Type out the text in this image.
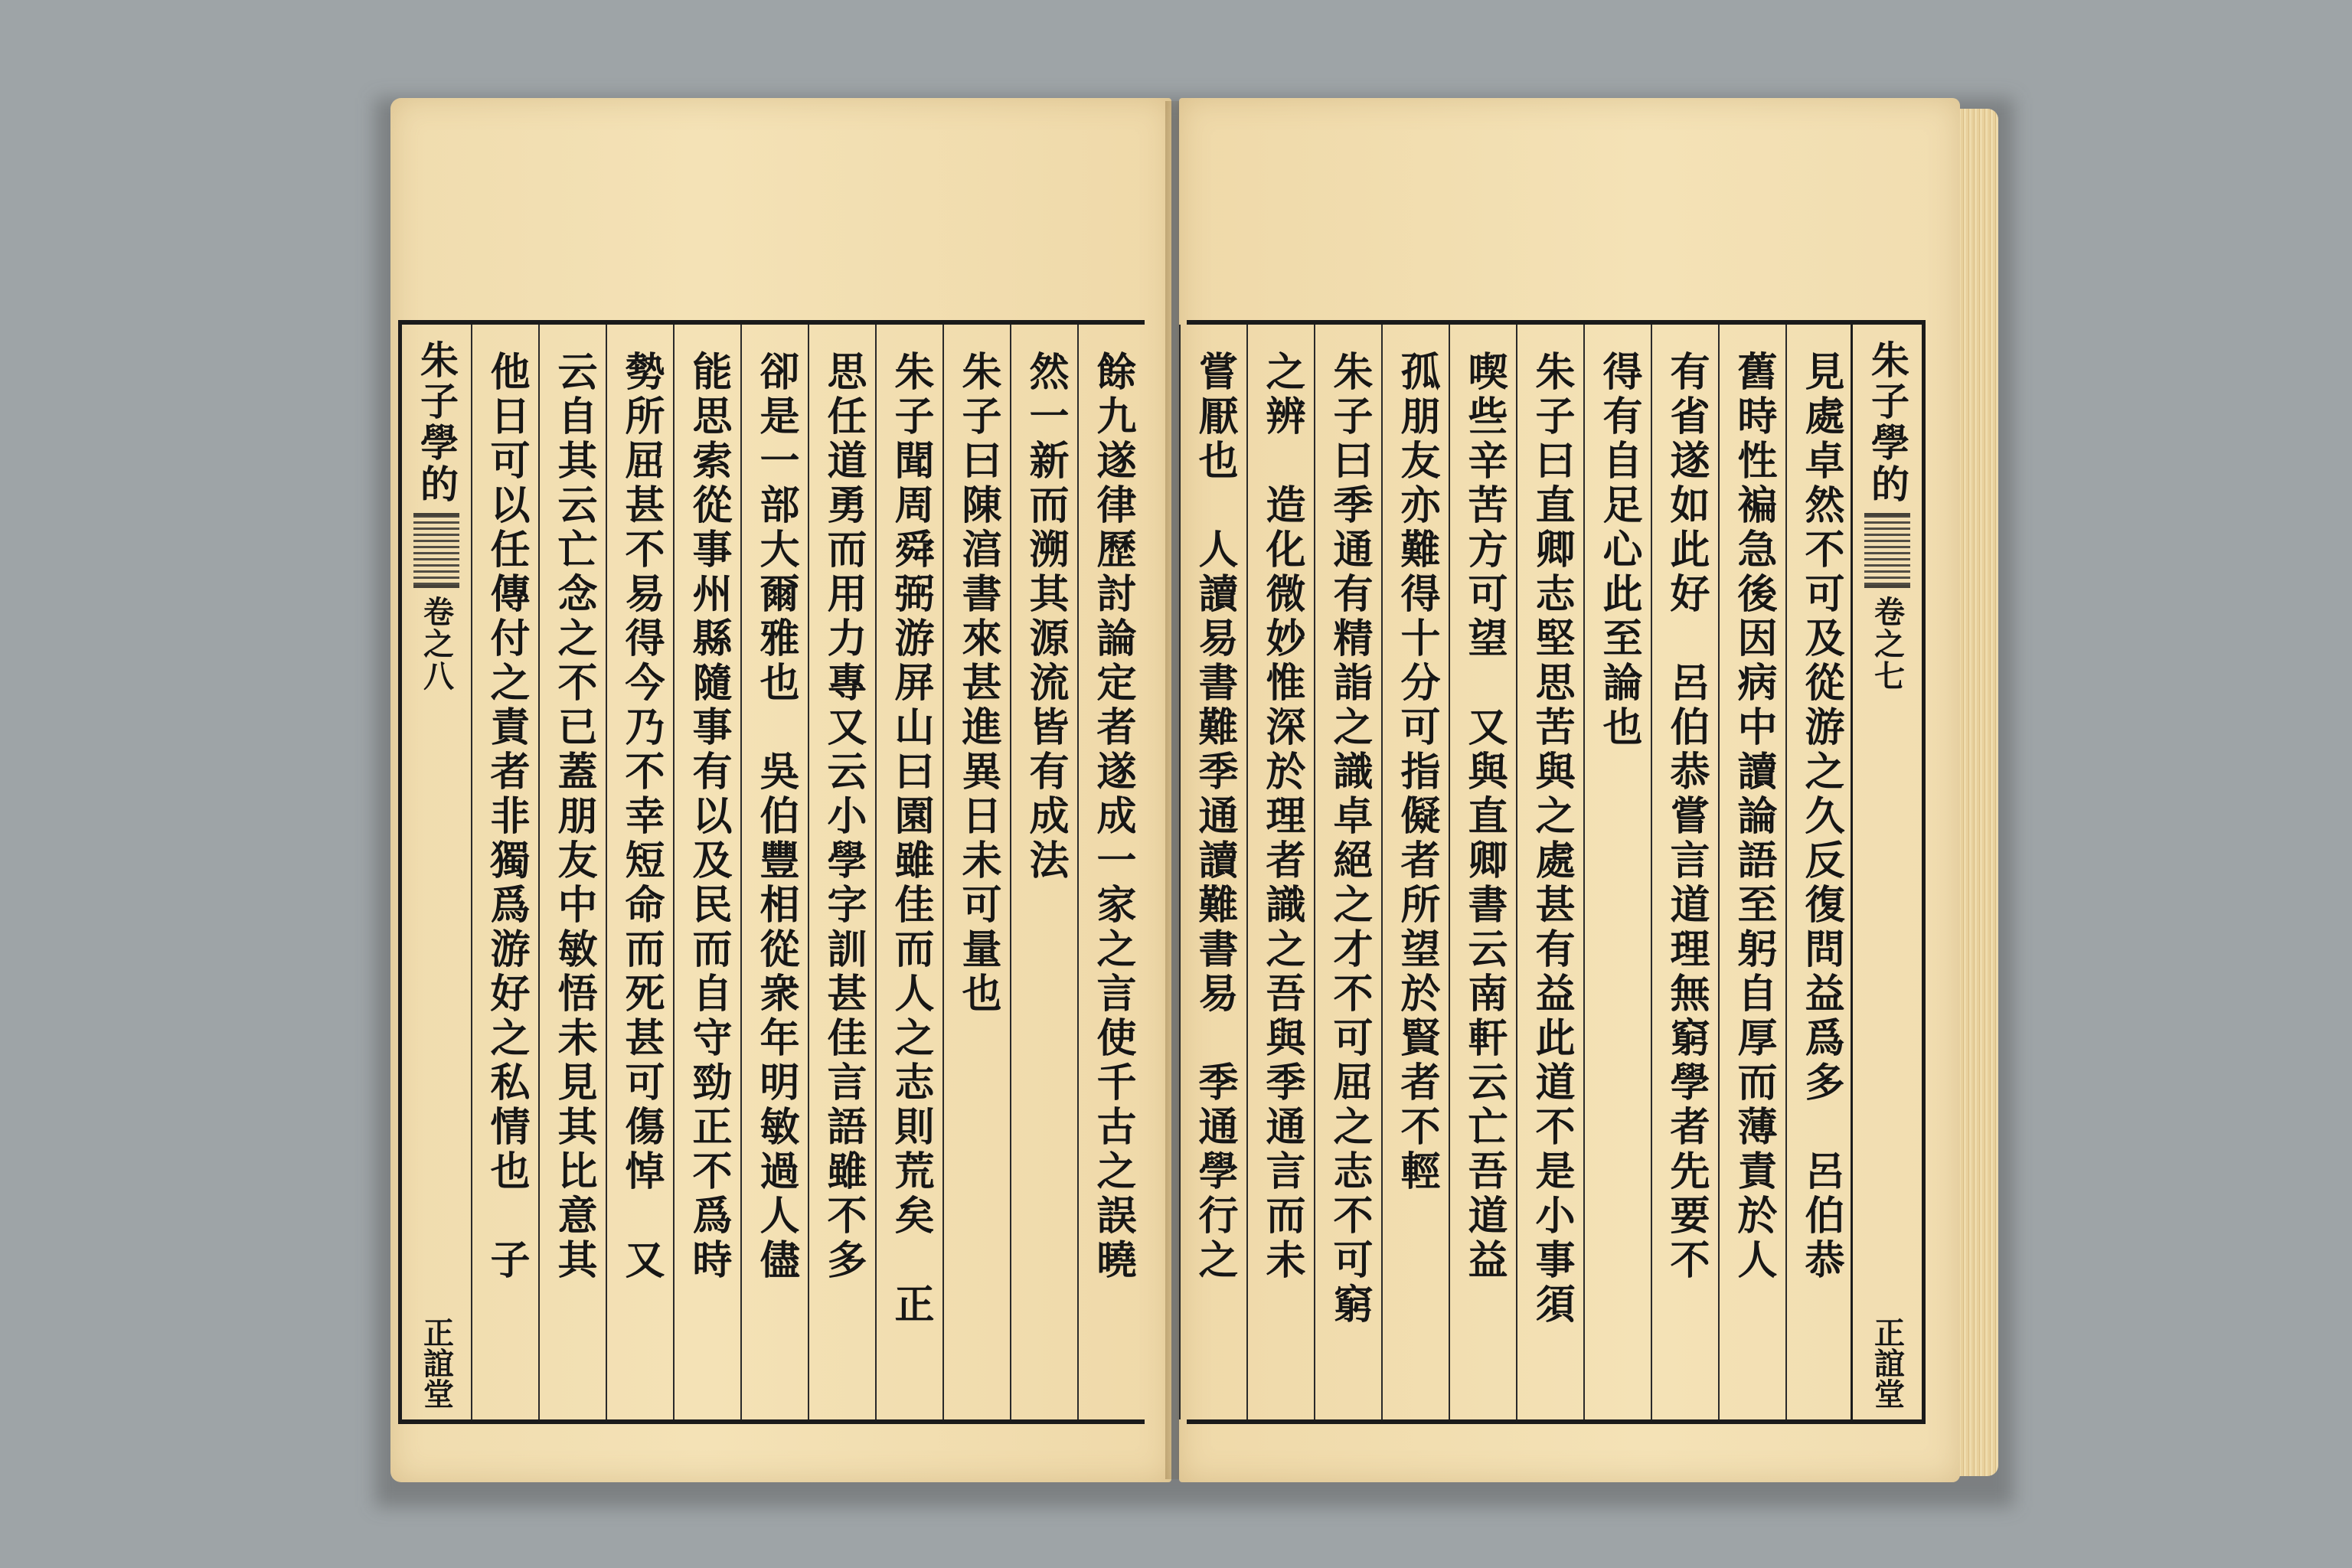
朱子學的
卷之
八
正誼堂
餘九遂律歷討論定者遂成一家之言使千古之誤曉
然一新而溯其源流皆有成法
朱子曰陳湻書來甚進異日未可量也
朱子聞周舜弼游屏山曰園雖佳而人之志則荒矣　正
思任道勇而用力專又云小學字訓甚佳言語雖不多
卻是一部大爾雅也　吳伯豐相從衆年明敏過人儘
能思索從事州縣隨事有以及民而自守勁正不爲時
勢所屈甚不易得今乃不幸短命而死甚可傷悼　又
云自其云亡念之不已蓋朋友中敏悟未見其比意其
他日可以任傳付之責者非獨爲游好之私情也　子	朱子學的
卷之
七
正誼堂
見處卓然不可及從游之久反復問益爲多　呂伯恭
舊時性褊急後因病中讀論語至躬自厚而薄責於人
有省遂如此好　呂伯恭嘗言道理無窮學者先要不
得有自足心此至論也
朱子曰直卿志堅思苦與之處甚有益此道不是小事須
喫些辛苦方可望　又與直卿書云南軒云亡吾道益
孤朋友亦難得十分可指儗者所望於賢者不輕
朱子曰季通有精詣之識卓絕之才不可屈之志不可窮
之辨　造化微妙惟深於理者識之吾與季通言而未
嘗厭也　人讀易書難季通讀難書易　季通學行之
